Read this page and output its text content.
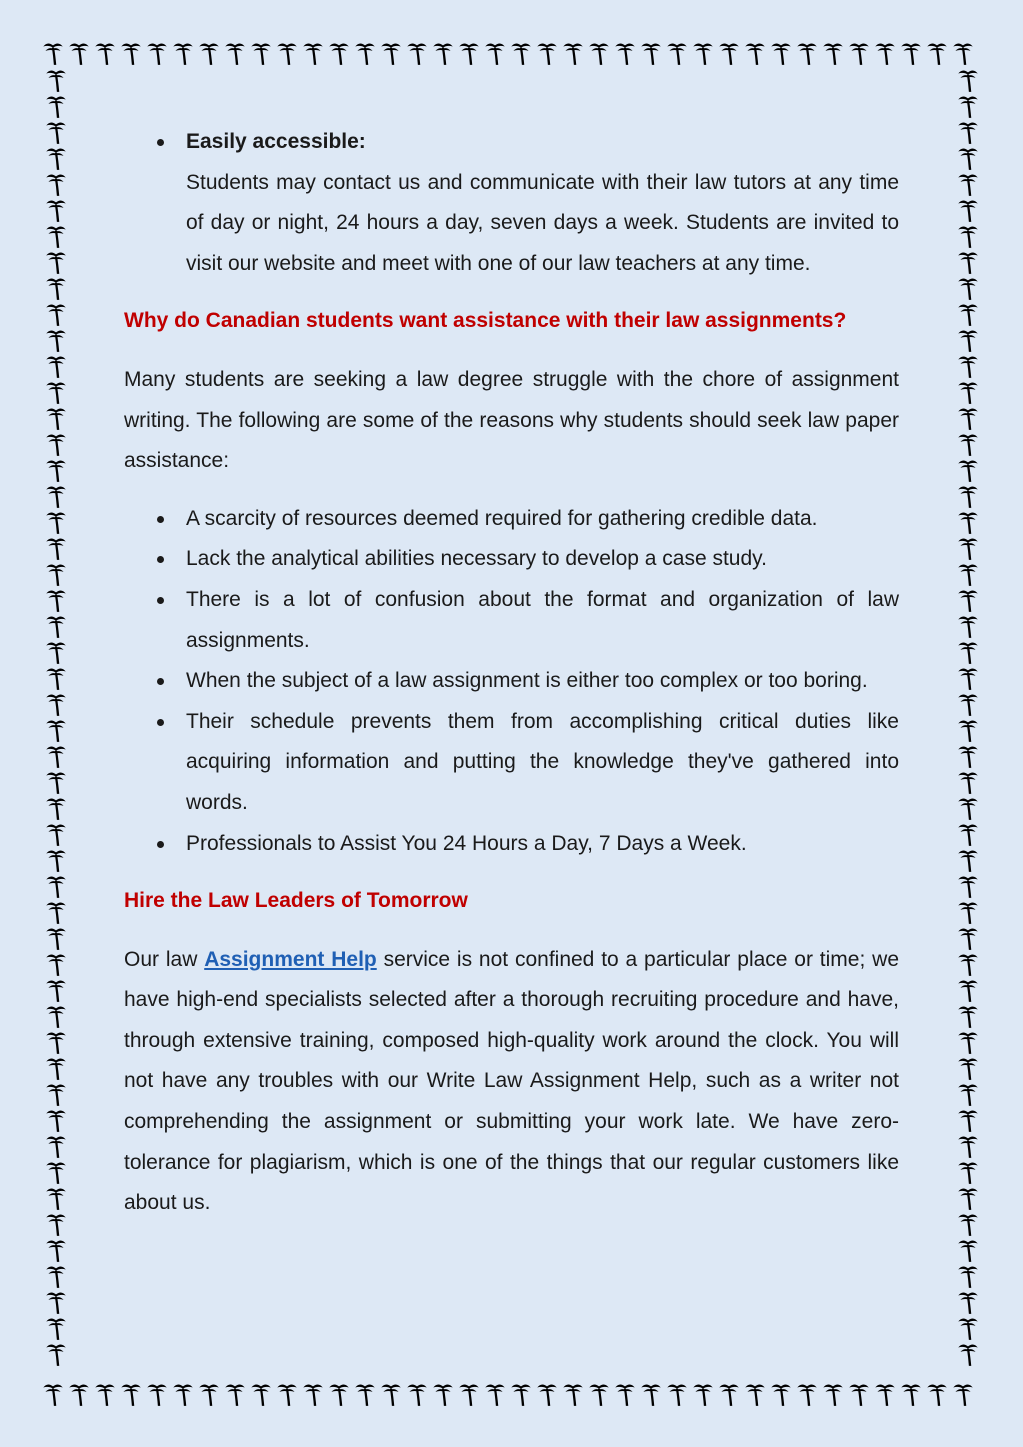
Easily accessible:
Students may contact us and communicate with their law tutors at any time of day or night, 24 hours a day, seven days a week. Students are invited to visit our website and meet with one of our law teachers at any time.
Why do Canadian students want assistance with their law assignments?

Many students are seeking a law degree struggle with the chore of assignment writing. The following are some of the reasons why students should seek law paper assistance:

A scarcity of resources deemed required for gathering credible data.
Lack the analytical abilities necessary to develop a case study.
There is a lot of confusion about the format and organization of law assignments.
When the subject of a law assignment is either too complex or too boring.
Their schedule prevents them from accomplishing critical duties like acquiring information and putting the knowledge they've gathered into words.
Professionals to Assist You 24 Hours a Day, 7 Days a Week.
Hire the Law Leaders of Tomorrow

Our law Assignment Help service is not confined to a particular place or time; we have high-end specialists selected after a thorough recruiting procedure and have, through extensive training, composed high-quality work around the clock. You will not have any troubles with our Write Law Assignment Help, such as a writer not comprehending the assignment or submitting your work late. We have zero-tolerance for plagiarism, which is one of the things that our regular customers like about us.
